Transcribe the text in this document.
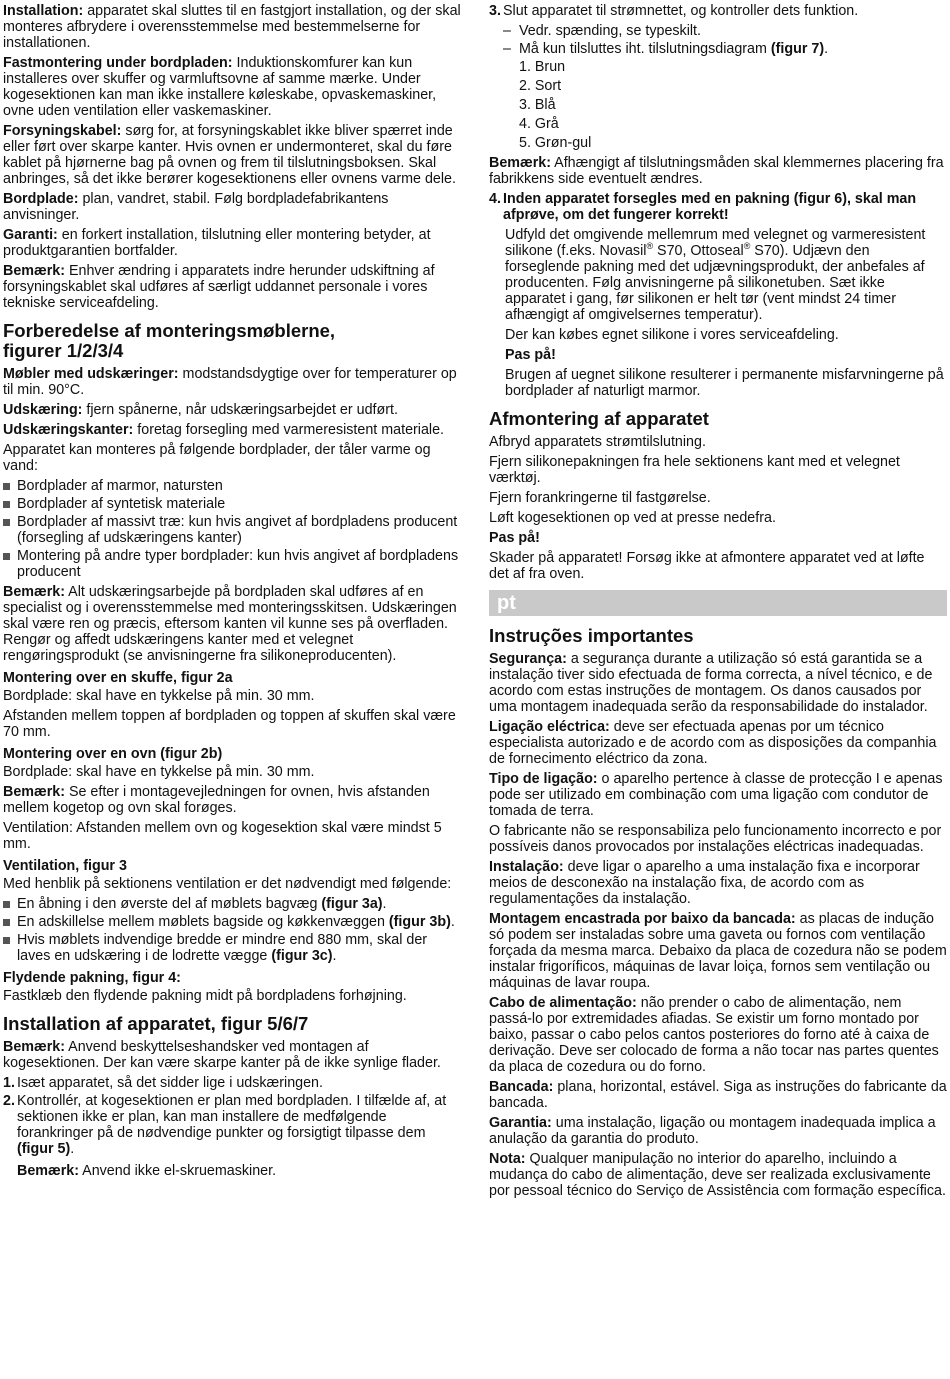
Installation: apparatet skal sluttes til en fastgjort installation, og der skal monteres afbrydere i overensstemmelse med bestemmelserne for installationen.

Fastmontering under bordpladen: Induktionskomfurer kan kun installeres over skuffer og varmluftsovne af samme mærke. Under kogesektionen kan man ikke installere køleskabe, opvaskemaskiner, ovne uden ventilation eller vaskemaskiner.

Forsyningskabel: sørg for, at forsyningskablet ikke bliver spærret inde eller ført over skarpe kanter. Hvis ovnen er undermonteret, skal du føre kablet på hjørnerne bag på ovnen og frem til tilslutningsboksen. Skal anbringes, så det ikke berører kogesektionens eller ovnens varme dele.

Bordplade: plan, vandret, stabil. Følg bordpladefabrikantens anvisninger.

Garanti: en forkert installation, tilslutning eller montering betyder, at produktgarantien bortfalder.

Bemærk: Enhver ændring i apparatets indre herunder udskiftning af forsyningskablet skal udføres af særligt uddannet personale i vores tekniske serviceafdeling.

Forberedelse af monteringsmøblerne,
figurer 1/2/3/4

Møbler med udskæringer: modstandsdygtige over for temperaturer op til min. 90°C.

Udskæring: fjern spånerne, når udskæringsarbejdet er udført.

Udskæringskanter: foretag forsegling med varmeresistent materiale.

Apparatet kan monteres på følgende bordplader, der tåler varme og vand:

Bordplader af marmor, natursten
Bordplader af syntetisk materiale
Bordplader af massivt træ: kun hvis angivet af bordpladens producent (forsegling af udskæringens kanter)
Montering på andre typer bordplader: kun hvis angivet af bordpladens producent

Bemærk: Alt udskæringsarbejde på bordpladen skal udføres af en specialist og i overensstemmelse med monteringsskitsen. Udskæringen skal være ren og præcis, eftersom kanten vil kunne ses på overfladen. Rengør og affedt udskæringens kanter med et velegnet rengøringsprodukt (se anvisningerne fra silikoneproducenten).

Montering over en skuffe, figur 2a

Bordplade: skal have en tykkelse på min. 30 mm.

Afstanden mellem toppen af bordpladen og toppen af skuffen skal være 70 mm.

Montering over en ovn (figur 2b)

Bordplade: skal have en tykkelse på min. 30 mm.

Bemærk: Se efter i montagevejledningen for ovnen, hvis afstanden mellem kogetop og ovn skal forøges.

Ventilation: Afstanden mellem ovn og kogesektion skal være mindst 5 mm.

Ventilation, figur 3

Med henblik på sektionens ventilation er det nødvendigt med følgende:

En åbning i den øverste del af møblets bagvæg (figur 3a).
En adskillelse mellem møblets bagside og køkkenvæggen (figur 3b).
Hvis møblets indvendige bredde er mindre end 880 mm, skal der laves en udskæring i de lodrette vægge (figur 3c).
Flydende pakning, figur 4:

Fastklæb den flydende pakning midt på bordpladens forhøjning.

Installation af apparatet, figur 5/6/7

Bemærk: Anvend beskyttelseshandsker ved montagen af kogesektionen. Der kan være skarpe kanter på de ikke synlige flader.

1. Isæt apparatet, så det sidder lige i udskæringen.
2. Kontrollér, at kogesektionen er plan med bordpladen. I tilfælde af, at sektionen ikke er plan, kan man installere de medfølgende forankringer på de nødvendige punkter og forsigtigt tilpasse dem (figur 5).

Bemærk: Anvend ikke el-skruemaskiner.

3. Slut apparatet til strømnettet, og kontroller dets funktion.
– Vedr. spænding, se typeskilt.
– Må kun tilsluttes iht. tilslutningsdiagram (figur 7).
1. Brun
2. Sort
3. Blå
4. Grå
5. Grøn-gul

Bemærk: Afhængigt af tilslutningsmåden skal klemmernes placering fra fabrikkens side eventuelt ændres.

4. Inden apparatet forsegles med en pakning (figur 6), skal man afprøve, om det fungerer korrekt!

Udfyld det omgivende mellemrum med velegnet og varmeresistent silikone (f.eks. Novasil® S70, Ottoseal® S70). Udjævn den forseglende pakning med det udjævningsprodukt, der anbefales af producenten. Følg anvisningerne på silikonetuben. Sæt ikke apparatet i gang, før silikonen er helt tør (vent mindst 24 timer afhængigt af omgivelsernes temperatur).

Der kan købes egnet silikone i vores serviceafdeling.

Pas på!

Brugen af uegnet silikone resulterer i permanente misfarvningerne på bordplader af naturligt marmor.

Afmontering af apparatet

Afbryd apparatets strømtilslutning.

Fjern silikonepakningen fra hele sektionens kant med et velegnet værktøj.

Fjern forankringerne til fastgørelse.

Løft kogesektionen op ved at presse nedefra.

Pas på!

Skader på apparatet! Forsøg ikke at afmontere apparatet ved at løfte det af fra oven.

pt
Instruções importantes

Segurança: a segurança durante a utilização só está garantida se a instalação tiver sido efectuada de forma correcta, a nível técnico, e de acordo com estas instruções de montagem. Os danos causados por uma montagem inadequada serão da responsabilidade do instalador.

Ligação eléctrica: deve ser efectuada apenas por um técnico especialista autorizado e de acordo com as disposições da companhia de fornecimento eléctrico da zona.

Tipo de ligação: o aparelho pertence à classe de protecção I e apenas pode ser utilizado em combinação com uma ligação com condutor de tomada de terra.

O fabricante não se responsabiliza pelo funcionamento incorrecto e por possíveis danos provocados por instalações eléctricas inadequadas.

Instalação: deve ligar o aparelho a uma instalação fixa e incorporar meios de desconexão na instalação fixa, de acordo com as regulamentações da instalação.

Montagem encastrada por baixo da bancada: as placas de indução só podem ser instaladas sobre uma gaveta ou fornos com ventilação forçada da mesma marca. Debaixo da placa de cozedura não se podem instalar frigoríficos, máquinas de lavar loiça, fornos sem ventilação ou máquinas de lavar roupa.

Cabo de alimentação: não prender o cabo de alimentação, nem passá-lo por extremidades afiadas. Se existir um forno montado por baixo, passar o cabo pelos cantos posteriores do forno até à caixa de derivação. Deve ser colocado de forma a não tocar nas partes quentes da placa de cozedura ou do forno.

Bancada: plana, horizontal, estável. Siga as instruções do fabricante da bancada.

Garantia: uma instalação, ligação ou montagem inadequada implica a anulação da garantia do produto.

Nota: Qualquer manipulação no interior do aparelho, incluindo a mudança do cabo de alimentação, deve ser realizada exclusivamente por pessoal técnico do Serviço de Assistência com formação específica.
